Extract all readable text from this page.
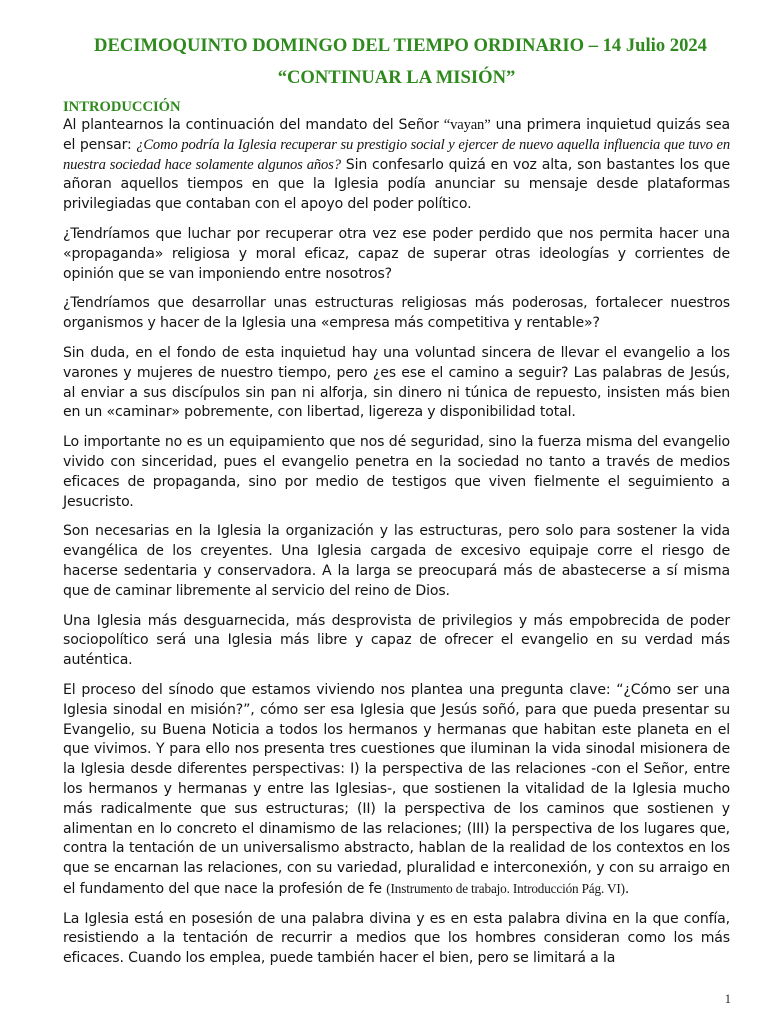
DECIMOQUINTO DOMINGO DEL TIEMPO ORDINARIO – 14 Julio 2024
“CONTINUAR LA MISIÓN”
INTRODUCCIÓN

Al plantearnos la continuación del mandato del Señor “vayan” una primera inquietud quizás sea el pensar: ¿Como podría la Iglesia recuperar su prestigio social y ejercer de nuevo aquella influencia que tuvo en nuestra sociedad hace solamente algunos años? Sin confesarlo quizá en voz alta, son bastantes los que añoran aquellos tiempos en que la Iglesia podía anunciar su mensaje desde plataformas privilegiadas que contaban con el apoyo del poder político.

¿Tendríamos que luchar por recuperar otra vez ese poder perdido que nos permita hacer una «propaganda» religiosa y moral eficaz, capaz de superar otras ideologías y corrientes de opinión que se van imponiendo entre nosotros?

¿Tendríamos que desarrollar unas estructuras religiosas más poderosas, fortalecer nuestros organismos y hacer de la Iglesia una «empresa más competitiva y rentable»?

Sin duda, en el fondo de esta inquietud hay una voluntad sincera de llevar el evangelio a los varones y mujeres de nuestro tiempo, pero ¿es ese el camino a seguir? Las palabras de Jesús, al enviar a sus discípulos sin pan ni alforja, sin dinero ni túnica de repuesto, insisten más bien en un «caminar» pobremente, con libertad, ligereza y disponibilidad total.

Lo importante no es un equipamiento que nos dé seguridad, sino la fuerza misma del evangelio vivido con sinceridad, pues el evangelio penetra en la sociedad no tanto a través de medios eficaces de propaganda, sino por medio de testigos que viven fielmente el seguimiento a Jesucristo.

Son necesarias en la Iglesia la organización y las estructuras, pero solo para sostener la vida evangélica de los creyentes. Una Iglesia cargada de excesivo equipaje corre el riesgo de hacerse sedentaria y conservadora. A la larga se preocupará más de abastecerse a sí misma que de caminar libremente al servicio del reino de Dios.

Una Iglesia más desguarnecida, más desprovista de privilegios y más empobrecida de poder sociopolítico será una Iglesia más libre y capaz de ofrecer el evangelio en su verdad más auténtica.

El proceso del sínodo que estamos viviendo nos plantea una pregunta clave: “¿Cómo ser una Iglesia sinodal en misión?”, cómo ser esa Iglesia que Jesús soñó, para que pueda presentar su Evangelio, su Buena Noticia a todos los hermanos y hermanas que habitan este planeta en el que vivimos. Y para ello nos presenta tres cuestiones que iluminan la vida sinodal misionera de la Iglesia desde diferentes perspectivas: I) la perspectiva de las relaciones -con el Señor, entre los hermanos y hermanas y entre las Iglesias-, que sostienen la vitalidad de la Iglesia mucho más radicalmente que sus estructuras; (II) la perspectiva de los caminos que sostienen y alimentan en lo concreto el dinamismo de las relaciones; (III) la perspectiva de los lugares que, contra la tentación de un universalismo abstracto, hablan de la realidad de los contextos en los que se encarnan las relaciones, con su variedad, pluralidad e interconexión, y con su arraigo en el fundamento del que nace la profesión de fe (Instrumento de trabajo. Introducción Pág. VI).

La Iglesia está en posesión de una palabra divina y es en esta palabra divina en la que confía, resistiendo a la tentación de recurrir a medios que los hombres consideran como los más eficaces. Cuando los emplea, puede también hacer el bien, pero se limitará a la

1
